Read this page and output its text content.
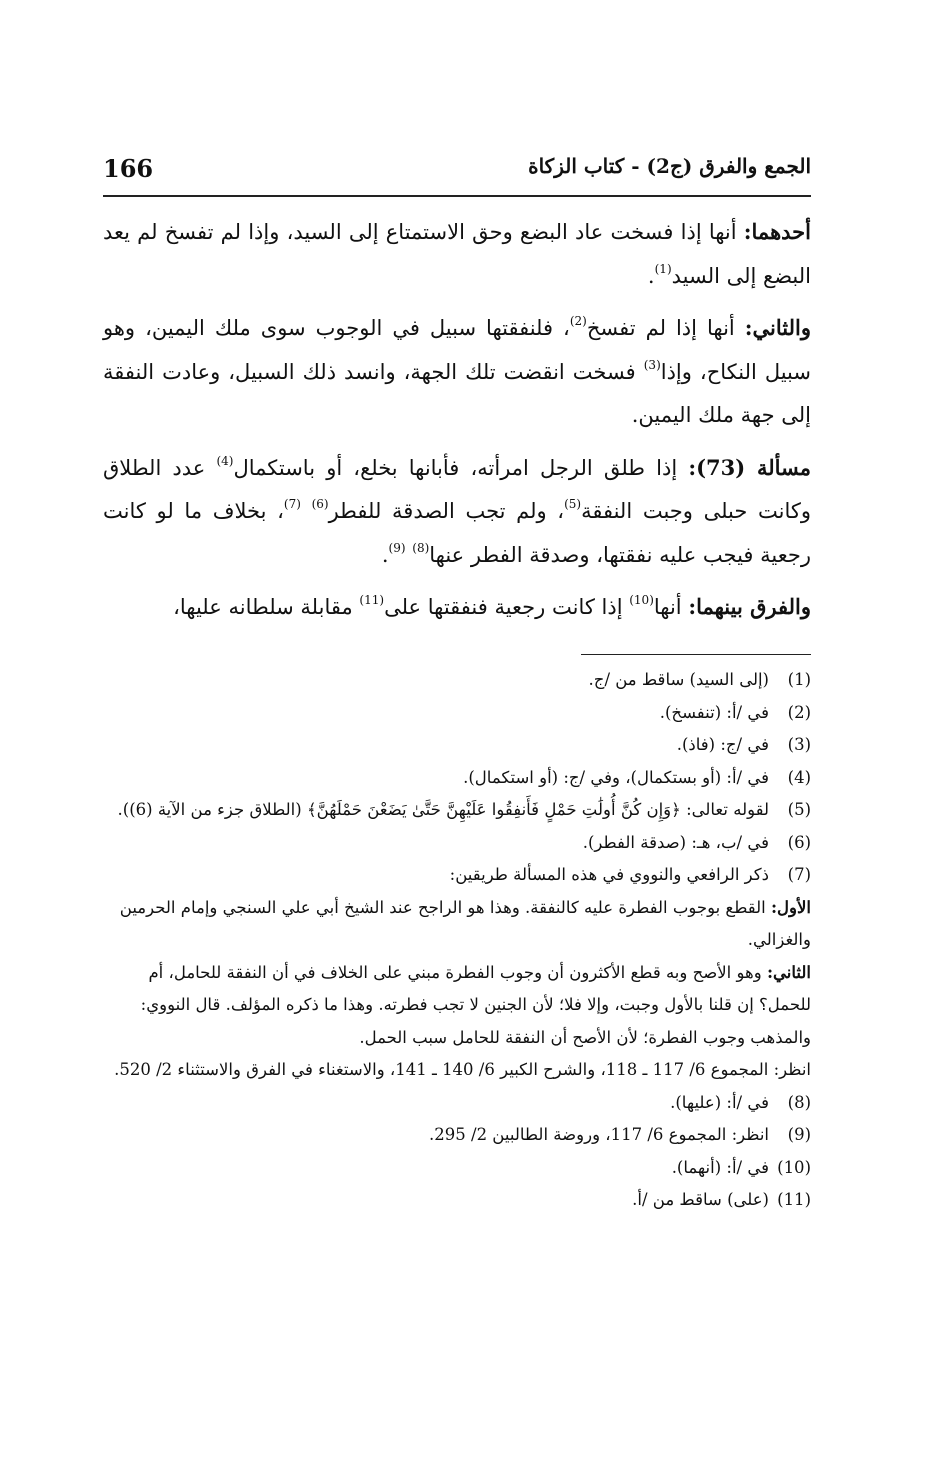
166	الجمع والفرق (ج2) - كتاب الزكاة

أحدهما: أنها إذا فسخت عاد البضع وحق الاستمتاع إلى السيد، وإذا لم تفسخ لم يعد البضع إلى السيد$^{(1)}$.

والثاني: أنها إذا لم تفسخ$^{(2)}$، فلنفقتها سبيل في الوجوب سوى ملك اليمين، وهو سبيل النكاح، وإذا$^{(3)}$ فسخت انقضت تلك الجهة، وانسد ذلك السبيل، وعادت النفقة إلى جهة ملك اليمين.

مسألة (73): إذا طلق الرجل امرأته، فأبانها بخلع، أو باستكمال$^{(4)}$ عدد الطلاق وكانت حبلى وجبت النفقة$^{(5)}$، ولم تجب الصدقة للفطر$^{(6)}$ $^{(7)}$، بخلاف ما لو كانت رجعية فيجب عليه نفقتها، وصدقة الفطر عنها$^{(8)}$ $^{(9)}$.

والفرق بينهما: أنها$^{(10)}$ إذا كانت رجعية فنفقتها على$^{(11)}$ مقابلة سلطانه عليها،

(1)
(إلى السيد) ساقط من /ج.

(2)
في /أ: (تنفسخ).

(3)
في /ج: (فاذ).

(4)
في /أ: (أو بستكمال)، وفي /ج: (أو استكمال).

(5)
لقوله تعالى: ﴿وَإِن كُنَّ أُولَٰتِ حَمْلٍ فَأَنفِقُوا عَلَيْهِنَّ حَتَّىٰ يَضَعْنَ حَمْلَهُنَّ﴾ (الطلاق جزء من الآية (6)).

(6)
في /ب، هـ: (صدقة الفطر).

(7)
ذكر الرافعي والنووي في هذه المسألة طريقين:

الأول: القطع بوجوب الفطرة عليه كالنفقة. وهذا هو الراجح عند الشيخ أبي علي السنجي وإمام الحرمين والغزالي.
الثاني: وهو الأصح وبه قطع الأكثرون أن وجوب الفطرة مبني على الخلاف في أن النفقة للحامل، أم للحمل؟ إن قلنا بالأول وجبت، وإلا فلا؛ لأن الجنين لا تجب فطرته. وهذا ما ذكره المؤلف. قال النووي: والمذهب وجوب الفطرة؛ لأن الأصح أن النفقة للحامل سبب الحمل.
انظر: المجموع 6/ 117 ـ 118، والشرح الكبير 6/ 140 ـ 141، والاستغناء في الفرق والاستثناء 2/ 520.

(8)
في /أ: (عليها).

(9)
انظر: المجموع 6/ 117، وروضة الطالبين 2/ 295.

(10)
في /أ: (أنهما).

(11)
(على) ساقط من /أ.
